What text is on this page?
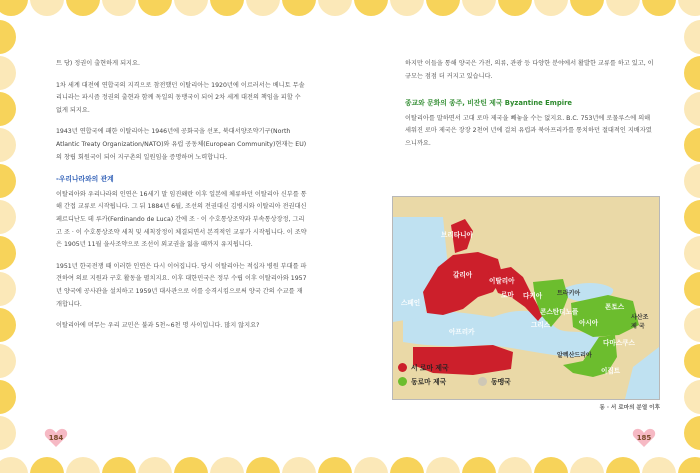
트 당) 정권이 출현하게 되지요.

1차 세계 대전에 연합국의 지격으로 참전했던 이탈리아는 1920년에 이르러서는 베니토 무솔리니라는 파시즘 정권의 출현과 함께 독일의 동맹국이 되어 2차 세계 대전의 책임을 피할 수 없게 되지요.

1943년 연합국에 패한 이탈리아는 1946년에 공화국을 선포, 북대서양조약기구(North Atlantic Treaty Organization/NATO)와 유럽 공동체(European Community)현재는 EU)의 창립 회원국이 되어 지구촌의 일원임을 증명하며 노력합니다.

-우리나라와의 관계

이탈리아와 우리나라의 인연은 16세기 말 임진왜란 이후 일본에 체류하던 이탈리아 신부를 통해 간접 교류로 시작됩니다. 그 뒤 1884년 6월, 조선의 전권대신 김병시와 이탈리아 전권대신 페르디난도 데 루카(Ferdinando de Luca) 간에 조 · 이 수호통상조약과 부속통상장정, 그리고 조 · 이 수호통상조약 세칙 및 세칙장정이 체결되면서 본격적인 교류가 시작됩니다. 이 조약은 1905년 11월 을사조약으로 조선이 외교권을 잃을 때까지 유지됩니다.

1951년 한국전쟁 때 이러한 인연은 다시 이어집니다. 당시 이탈리아는 적십자 병원 부대를 파견하여 의료 지원과 구호 활동을 펼치지요. 이후 대한민국은 정부 수립 이후 이탈리아와 1957년 양국에 공사관을 설치하고 1959년 대사관으로 이를 승격시킴으로써 양국 간의 수교를 재개합니다.

이탈리아에 머무는 우리 교민은 불과 5천~6천 명 사이입니다. 많지 않지요?

하지만 이들을 통해 양국은 가전, 의류, 관광 등 다양한 분야에서 활발한 교류를 하고 있고, 이 규모는 점점 더 커지고 있습니다.

종교와 문화의 종주, 비잔틴 제국 Byzantine Empire

이탈리아를 말하면서 고대 로마 제국을 빼놓을 수는 없지요. B.C. 753년에 로물루스에 의해 세워진 로마 제국은 장장 2천여 년에 걸쳐 유럽과 북아프리카를 통치하던 절대적인 지배자였으니까요.

브리타니아
갈리아
이탈리아
로마
스페인
다키아 트라키아
콘스탄티노플
폰토스
그리스	아시아
사산조
제 국
아프리카
알렉산드리아
다마스쿠스
이집트
서 로마 제국
동로마 제국	동맹국
동 · 서 로마의 분열 이후
184	185
